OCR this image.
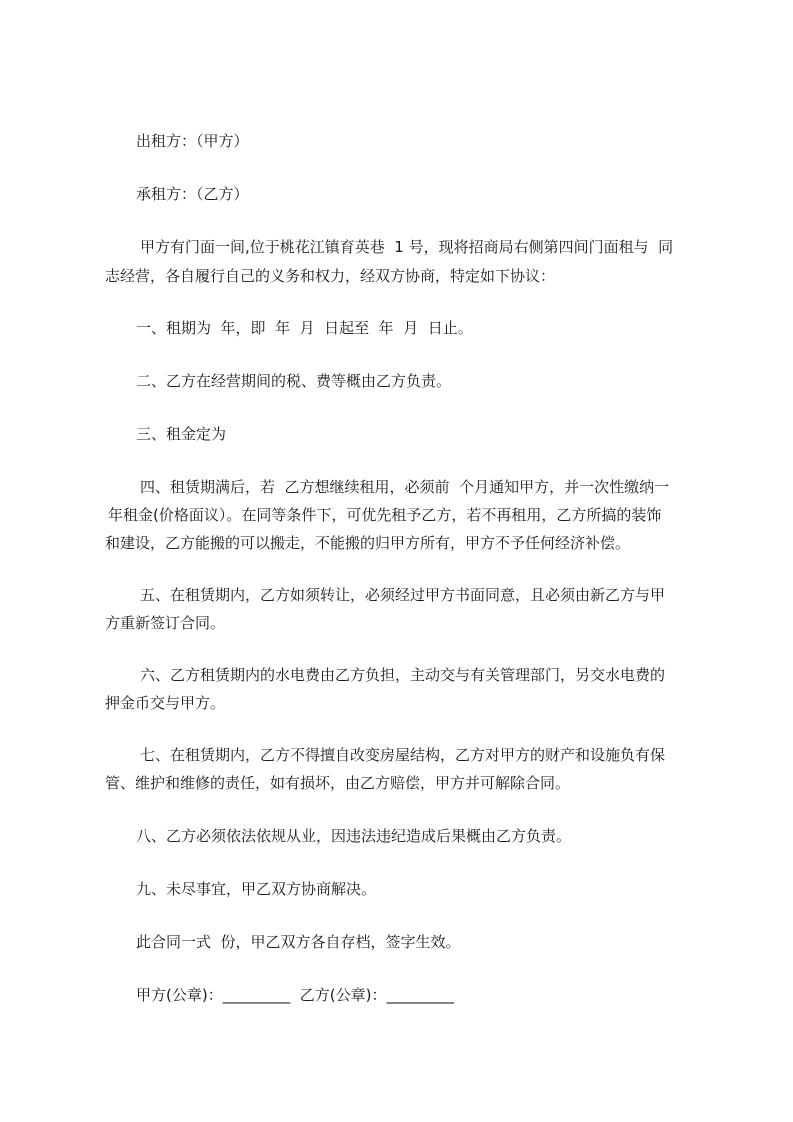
出租方：（甲方）
承租方：（乙方）
甲方有门面一间,位于桃花江镇育英巷  1 号，现将招商局右侧第四间门面租与  同
志经营，各自履行自己的义务和权力，经双方协商，特定如下协议：
一、租期为  年，即  年  月  日起至  年  月  日止。
二、乙方在经营期间的税、费等概由乙方负责。
三、租金定为
四、租赁期满后，若  乙方想继续租用，必须前  个月通知甲方，并一次性缴纳一
年租金(价格面议）。在同等条件下，可优先租予乙方，若不再租用，乙方所搞的装饰
和建设，乙方能搬的可以搬走，不能搬的归甲方所有，甲方不予任何经济补偿。
五、在租赁期内，乙方如须转让，必须经过甲方书面同意，且必须由新乙方与甲
方重新签订合同。
六、乙方租赁期内的水电费由乙方负担，主动交与有关管理部门，另交水电费的
押金币交与甲方。
七、在租赁期内，乙方不得擅自改变房屋结构，乙方对甲方的财产和设施负有保
管、维护和维修的责任，如有损坏，由乙方赔偿，甲方并可解除合同。
八、乙方必须依法依规从业，因违法违纪造成后果概由乙方负责。
九、未尽事宜，甲乙双方协商解决。
此合同一式  份，甲乙双方各自存档，签字生效。
甲方(公章)：_________  乙方(公章)：_________
